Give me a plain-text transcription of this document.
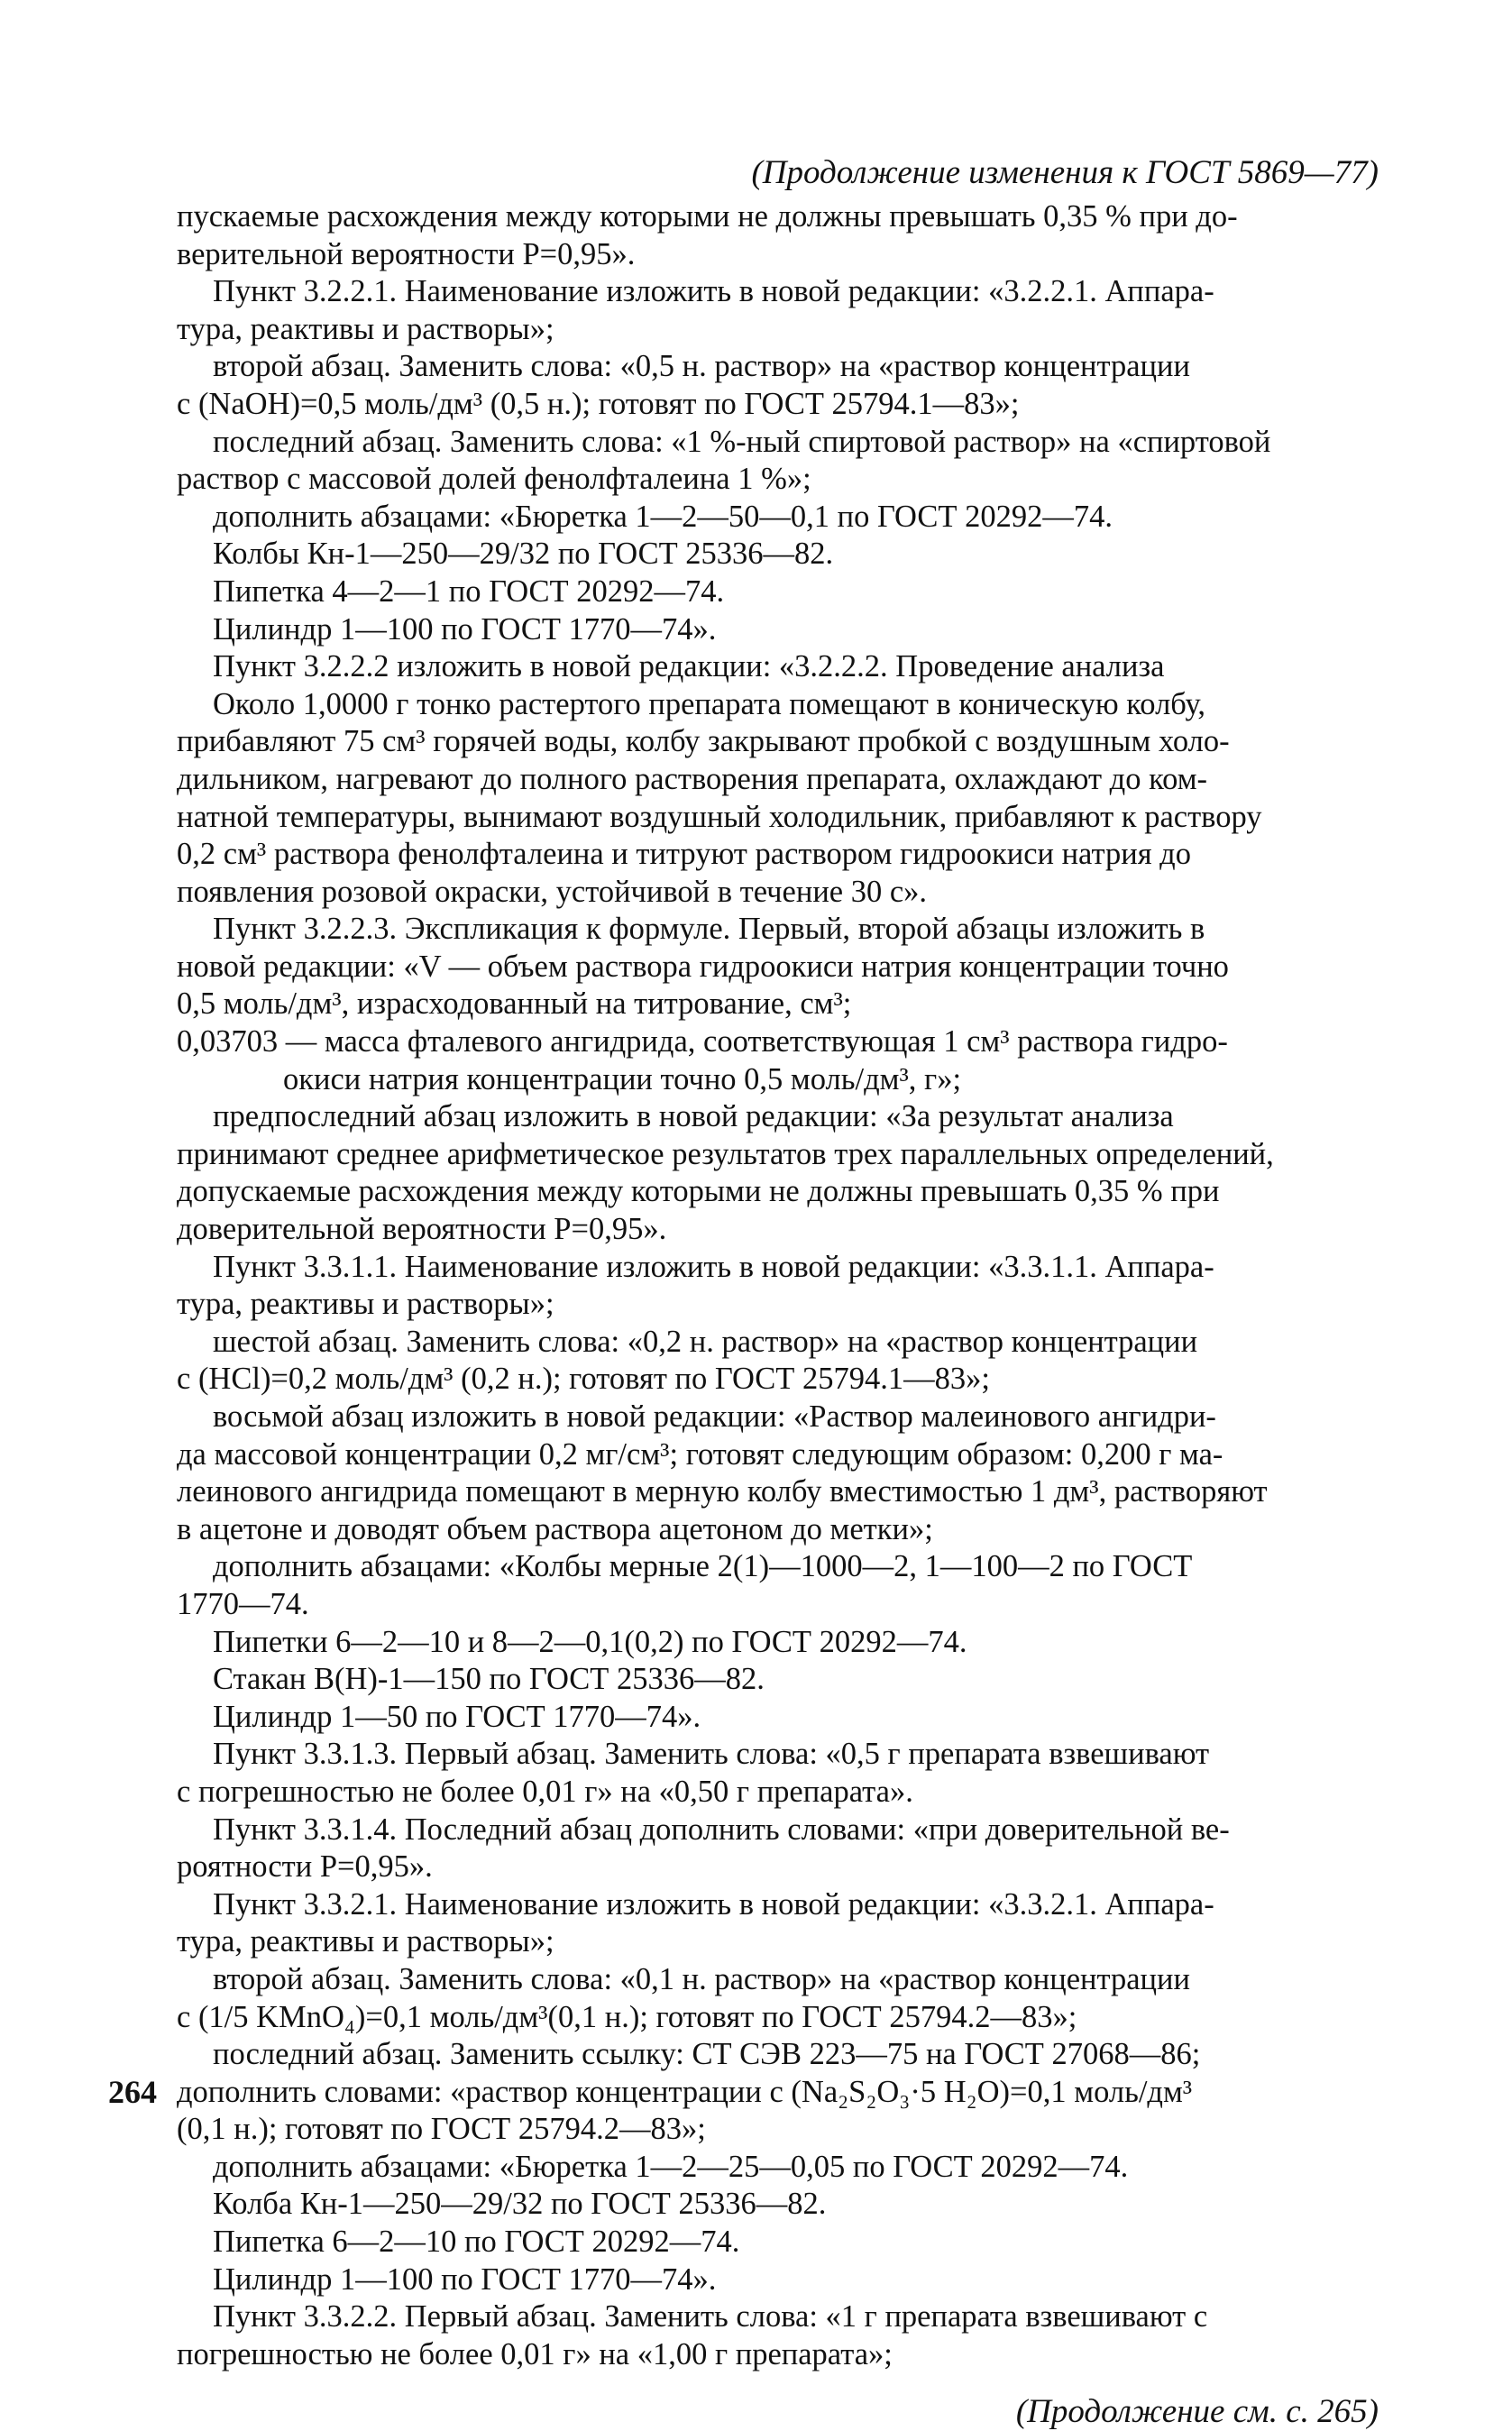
(Продолжение изменения к ГОСТ 5869—77)
пускаемые расхождения между которыми не должны превышать 0,35 % при до-
верительной вероятности Р=0,95».
Пункт 3.2.2.1. Наименование изложить в новой редакции: «3.2.2.1. Аппара-
тура, реактивы и растворы»;
второй абзац. Заменить слова: «0,5 н. раствор» на «раствор концентрации
с (NaOH)=0,5 моль/дм³ (0,5 н.); готовят по ГОСТ 25794.1—83»;
последний абзац. Заменить слова: «1 %-ный спиртовой раствор» на «спиртовой
раствор с массовой долей фенолфталеина 1 %»;
дополнить абзацами: «Бюретка 1—2—50—0,1 по ГОСТ 20292—74.
Колбы Кн-1—250—29/32 по ГОСТ 25336—82.
Пипетка 4—2—1 по ГОСТ 20292—74.
Цилиндр 1—100 по ГОСТ 1770—74».
Пункт 3.2.2.2 изложить в новой редакции: «3.2.2.2. Проведение анализа
Около 1,0000 г тонко растертого препарата помещают в коническую колбу,
прибавляют 75 см³ горячей воды, колбу закрывают пробкой с воздушным холо-
дильником, нагревают до полного растворения препарата, охлаждают до ком-
натной температуры, вынимают воздушный холодильник, прибавляют к раствору
0,2 см³ раствора фенолфталеина и титруют раствором гидроокиси натрия до
появления розовой окраски, устойчивой в течение 30 с».
Пункт 3.2.2.3. Экспликация к формуле. Первый, второй абзацы изложить в
новой редакции: «V — объем раствора гидроокиси натрия концентрации точно
0,5 моль/дм³, израсходованный на титрование, см³;
0,03703 — масса фталевого ангидрида, соответствующая 1 см³ раствора гидро-
окиси натрия концентрации точно 0,5 моль/дм³, г»;
предпоследний абзац изложить в новой редакции: «За результат анализа
принимают среднее арифметическое результатов трех параллельных определений,
допускаемые расхождения между которыми не должны превышать 0,35 % при
доверительной вероятности Р=0,95».
Пункт 3.3.1.1. Наименование изложить в новой редакции: «3.3.1.1. Аппара-
тура, реактивы и растворы»;
шестой абзац. Заменить слова: «0,2 н. раствор» на «раствор концентрации
с (HCl)=0,2 моль/дм³ (0,2 н.); готовят по ГОСТ 25794.1—83»;
восьмой абзац изложить в новой редакции: «Раствор малеинового ангидри-
да массовой концентрации 0,2 мг/см³; готовят следующим образом: 0,200 г ма-
леинового ангидрида помещают в мерную колбу вместимостью 1 дм³, растворяют
в ацетоне и доводят объем раствора ацетоном до метки»;
дополнить абзацами: «Колбы мерные 2(1)—1000—2, 1—100—2 по ГОСТ
1770—74.
Пипетки 6—2—10 и 8—2—0,1(0,2) по ГОСТ 20292—74.
Стакан В(Н)-1—150 по ГОСТ 25336—82.
Цилиндр 1—50 по ГОСТ 1770—74».
Пункт 3.3.1.3. Первый абзац. Заменить слова: «0,5 г препарата взвешивают
с погрешностью не более 0,01 г» на «0,50 г препарата».
Пункт 3.3.1.4. Последний абзац дополнить словами: «при доверительной ве-
роятности Р=0,95».
Пункт 3.3.2.1. Наименование изложить в новой редакции: «3.3.2.1. Аппара-
тура, реактивы и растворы»;
второй абзац. Заменить слова: «0,1 н. раствор» на «раствор концентрации
с (1/5 KMnO₄)=0,1 моль/дм³(0,1 н.); готовят по ГОСТ 25794.2—83»;
последний абзац. Заменить ссылку: СТ СЭВ 223—75 на ГОСТ 27068—86;
дополнить словами: «раствор концентрации с (Na₂S₂O₃·5 H₂O)=0,1 моль/дм³
(0,1 н.); готовят по ГОСТ 25794.2—83»;
дополнить абзацами: «Бюретка 1—2—25—0,05 по ГОСТ 20292—74.
Колба Кн-1—250—29/32 по ГОСТ 25336—82.
Пипетка 6—2—10 по ГОСТ 20292—74.
Цилиндр 1—100 по ГОСТ 1770—74».
Пункт 3.3.2.2. Первый абзац. Заменить слова: «1 г препарата взвешивают с
погрешностью не более 0,01 г» на «1,00 г препарата»;
(Продолжение см. с. 265)
264
